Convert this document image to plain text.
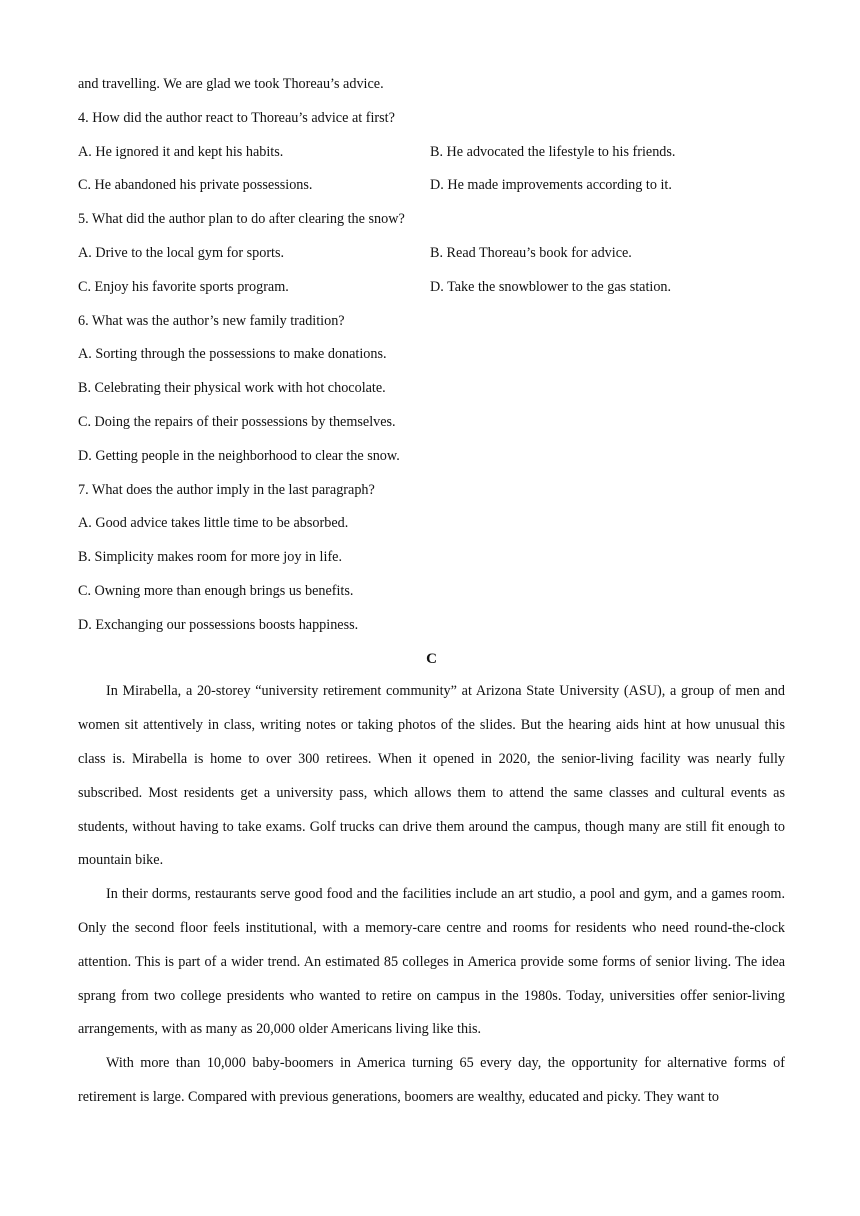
and travelling. We are glad we took Thoreau’s advice.
4. How did the author react to Thoreau’s advice at first?
A. He ignored it and kept his habits.	B. He advocated the lifestyle to his friends.
C. He abandoned his private possessions.	D. He made improvements according to it.
5. What did the author plan to do after clearing the snow?
A. Drive to the local gym for sports.	B. Read Thoreau’s book for advice.
C. Enjoy his favorite sports program.	D. Take the snowblower to the gas station.
6. What was the author’s new family tradition?
A. Sorting through the possessions to make donations.
B. Celebrating their physical work with hot chocolate.
C. Doing the repairs of their possessions by themselves.
D. Getting people in the neighborhood to clear the snow.
7. What does the author imply in the last paragraph?
A. Good advice takes little time to be absorbed.
B. Simplicity makes room for more joy in life.
C. Owning more than enough brings us benefits.
D. Exchanging our possessions boosts happiness.
C

In Mirabella, a 20-storey “university retirement community” at Arizona State University (ASU), a group of men and women sit attentively in class, writing notes or taking photos of the slides. But the hearing aids hint at how unusual this class is. Mirabella is home to over 300 retirees. When it opened in 2020, the senior-living facility was nearly fully subscribed. Most residents get a university pass, which allows them to attend the same classes and cultural events as students, without having to take exams. Golf trucks can drive them around the campus, though many are still fit enough to mountain bike.

In their dorms, restaurants serve good food and the facilities include an art studio, a pool and gym, and a games room. Only the second floor feels institutional, with a memory-care centre and rooms for residents who need round-the-clock attention. This is part of a wider trend. An estimated 85 colleges in America provide some forms of senior living. The idea sprang from two college presidents who wanted to retire on campus in the 1980s. Today, universities offer senior-living arrangements, with as many as 20,000 older Americans living like this.

With more than 10,000 baby-boomers in America turning 65 every day, the opportunity for alternative forms of retirement is large. Compared with previous generations, boomers are wealthy, educated and picky. They want to
